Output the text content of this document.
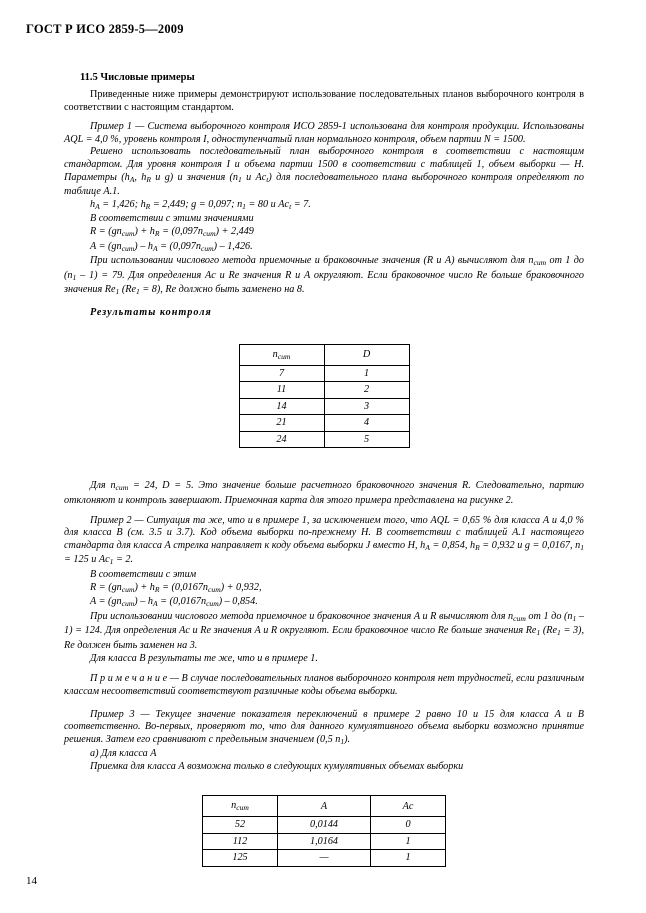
ГОСТ Р ИСО 2859-5—2009
11.5 Числовые примеры

Приведенные ниже примеры демонстрируют использование последовательных планов выборочного контроля в соответствии с настоящим стандартом.

Пример 1 — Система выборочного контроля ИСО 2859-1 использована для контроля продукции. Использованы AQL = 4,0 %, уровень контроля I, одноступенчатый план нормального контроля, объем партии N = 1500.

Решено использовать последовательный план выборочного контроля в соответствии с настоящим стандартом. Для уровня контроля I и объема партии 1500 в соответствии с таблицей 1, объем выборки — H. Параметры ($h_A$, $h_R$ и g) и значения ($n_1$ и $Ac_t$) для последовательного плана выборочного контроля определяют по таблице А.1.

$h_A = 1,426$; $h_R = 2,449$; g = 0,097; $n_1 = 80$ и $Ac_t = 7$.

В соответствии с этими значениями

$R = (gn_{cum}) + h_R = (0,097n_{cum}) + 2,449$

$A = (gn_{cum}) - h_A = (0,097n_{cum}) - 1,426$.

При использовании числового метода приемочные и браковочные значения (R и A) вычисляют для $n_{cum}$ от 1 до $(n_1 - 1) = 79$. Для определения Ac и Re значения R и A округляют. Если браковочное число Re больше браковочного значения $Re_1$ $(Re_1 = 8)$, Re должно быть заменено на 8.

Результаты контроля
$n_{cum}$	D
7	1
11	2
14	3
21	4
24	5

Для $n_{cum} = 24$, D = 5. Это значение больше расчетного браковочного значения R. Следовательно, партию отклоняют и контроль завершают. Приемочная карта для этого примера представлена на рисунке 2.

Пример 2 — Ситуация та же, что и в примере 1, за исключением того, что AQL = 0,65 % для класса А и 4,0 % для класса В (см. 3.5 и 3.7). Код объема выборки по-прежнему Н. В соответствии с таблицей А.1 настоящего стандарта для класса А стрелка направляет к коду объема выборки J вместо H, $h_A = 0,854$, $h_R = 0,932$ и g = 0,0167, $n_1 = 125$ и $Ac_1 = 2$.

В соответствии с этим

$R = (gn_{cum}) + h_R = (0,0167n_{cum}) + 0,932$,

$A = (gn_{cum}) - h_A = (0,0167n_{cum}) - 0,854$.

При использовании числового метода приемочное и браковочное значения A и R вычисляют для $n_{cum}$ от 1 до $(n_1 - 1) = 124$. Для определения Ac и Re значения A и R округляют. Если браковочное число Re больше значения $Re_1$ $(Re_1 = 3)$, Re должен быть заменен на 3.

Для класса В результаты те же, что и в примере 1.

П р и м е ч а н и е — В случае последовательных планов выборочного контроля нет трудностей, если различным классам несоответствий соответствуют различные коды объема выборки.

Пример 3 — Текущее значение показателя переключений в примере 2 равно 10 и 15 для класса А и В соответственно. Во-первых, проверяют то, что для данного кумулятивного объема выборки возможно принятие решения. Затем его сравнивают с предельным значением (0,5 $n_1$).

а) Для класса А

Приемка для класса А возможна только в следующих кумулятивных объемах выборки

$n_{cum}$	A	Ac
52	0,0144	0
112	1,0164	1
125	—	1
14
